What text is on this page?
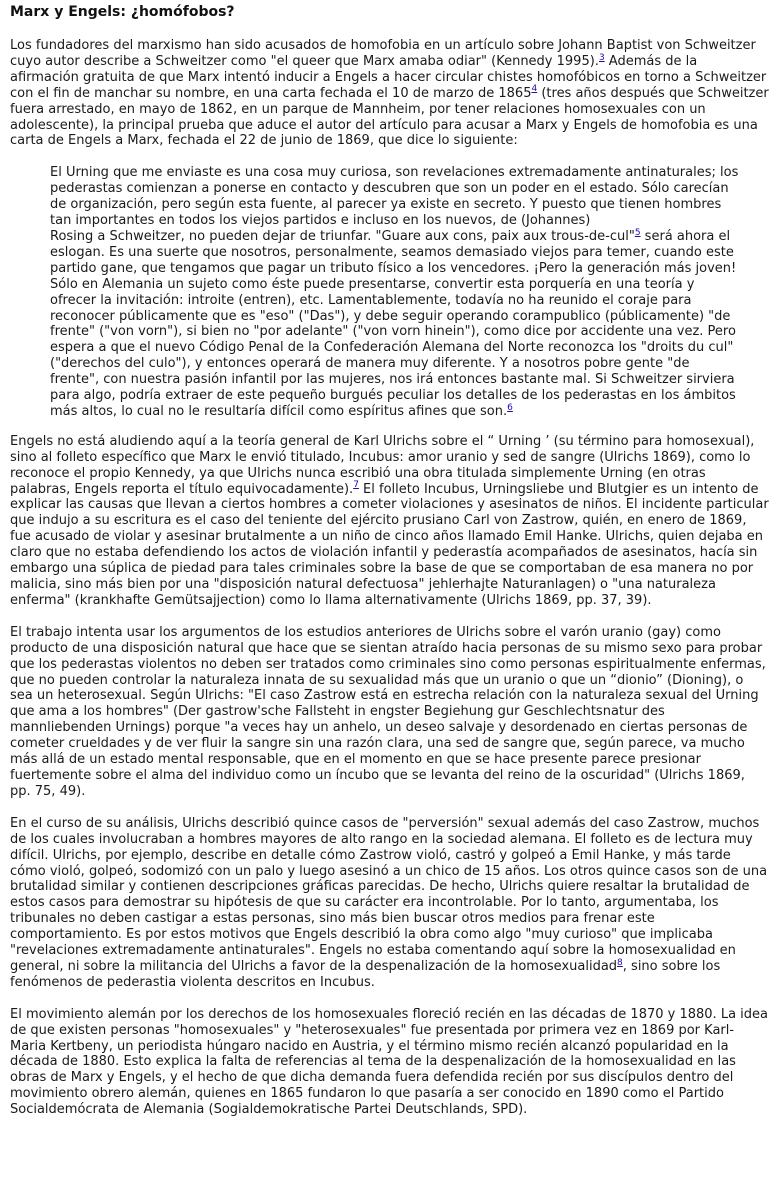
Marx y Engels: ¿homófobos?

Los fundadores del marxismo han sido acusados de homofobia en un artículo sobre Johann Baptist von Schweitzer cuyo autor describe a Schweitzer como "el queer que Marx amaba odiar" (Kennedy 1995).$^3$ Además de la afirmación gratuita de que Marx intentó inducir a Engels a hacer circular chistes homofóbicos en torno a Schweitzer con el fin de manchar su nombre, en una carta fechada el 10 de marzo de 1865$^4$ (tres años después que Schweitzer fuera arrestado, en mayo de 1862, en un parque de Mannheim, por tener relaciones homosexuales con un adolescente), la principal prueba que aduce el autor del artículo para acusar a Marx y Engels de homofobia es una carta de Engels a Marx, fechada el 22 de junio de 1869, que dice lo siguiente:

El Urning que me enviaste es una cosa muy curiosa, son revelaciones extremadamente antinaturales; los pederastas comienzan a ponerse en contacto y descubren que son un poder en el estado. Sólo carecían de organización, pero según esta fuente, al parecer ya existe en secreto. Y puesto que tienen hombres tan importantes en todos los viejos partidos e incluso en los nuevos, de (Johannes)

Rosing a Schweitzer, no pueden dejar de triunfar. "Guare aux cons, paix aux trous-de-cul"$^5$ será ahora el eslogan. Es una suerte que nosotros, personalmente, seamos demasiado viejos para temer, cuando este partido gane, que tengamos que pagar un tributo físico a los vencedores. ¡Pero la generación más joven! Sólo en Alemania un sujeto como éste puede presentarse, convertir esta porquería en una teoría y ofrecer la invitación: introite (entren), etc. Lamentablemente, todavía no ha reunido el coraje para reconocer públicamente que es "eso" ("Das"), y debe seguir operando corampublico (públicamente) "de frente" ("von vorn"), si bien no "por adelante" ("von vorn hinein"), como dice por accidente una vez. Pero espera a que el nuevo Código Penal de la Confederación Alemana del Norte reconozca los "droits du cul" ("derechos del culo"), y entonces operará de manera muy diferente. Y a nosotros pobre gente "de frente", con nuestra pasión infantil por las mujeres, nos irá entonces bastante mal. Si Schweitzer sirviera para algo, podría extraer de este pequeño burgués peculiar los detalles de los pederastas en los ámbitos más altos, lo cual no le resultaría difícil como espíritus afines que son.$^6$

Engels no está aludiendo aquí a la teoría general de Karl Ulrichs sobre el “ Urning ’ (su término para homosexual), sino al folleto específico que Marx le envió titulado, Incubus: amor uranio y sed de sangre (Ulrichs 1869), como lo reconoce el propio Kennedy, ya que Ulrichs nunca escribió una obra titulada simplemente Urning (en otras palabras, Engels reporta el título equivocadamente).$^7$ El folleto Incubus, Urningsliebe und Blutgier es un intento de explicar las causas que llevan a ciertos hombres a cometer violaciones y asesinatos de niños. El incidente particular que indujo a su escritura es el caso del teniente del ejército prusiano Carl von Zastrow, quién, en enero de 1869, fue acusado de violar y asesinar brutalmente a un niño de cinco años llamado Emil Hanke. Ulrichs, quien dejaba en claro que no estaba defendiendo los actos de violación infantil y pederastía acompañados de asesinatos, hacía sin embargo una súplica de piedad para tales criminales sobre la base de que se comportaban de esa manera no por malicia, sino más bien por una "disposición natural defectuosa" jehlerhajte Naturanlagen) o "una naturaleza enferma" (krankhafte Gemütsajjection) como lo llama alternativamente (Ulrichs 1869, pp. 37, 39).

El trabajo intenta usar los argumentos de los estudios anteriores de Ulrichs sobre el varón uranio (gay) como producto de una disposición natural que hace que se sientan atraído hacia personas de su mismo sexo para probar que los pederastas violentos no deben ser tratados como criminales sino como personas espiritualmente enfermas, que no pueden controlar la naturaleza innata de su sexualidad más que un uranio o que un “dionio” (Dioning), o sea un heterosexual. Según Ulrichs: "El caso Zastrow está en estrecha relación con la naturaleza sexual del Urning que ama a los hombres" (Der gastrow'sche Fallsteht in engster Begiehung gur Geschlechtsnatur des mannliebenden Urnings) porque "a veces hay un anhelo, un deseo salvaje y desordenado en ciertas personas de cometer crueldades y de ver fluir la sangre sin una razón clara, una sed de sangre que, según parece, va mucho más allá de un estado mental responsable, que en el momento en que se hace presente parece presionar fuertemente sobre el alma del individuo como un íncubo que se levanta del reino de la oscuridad" (Ulrichs 1869, pp. 75, 49).

En el curso de su análisis, Ulrichs describió quince casos de "perversión" sexual además del caso Zastrow, muchos de los cuales involucraban a hombres mayores de alto rango en la sociedad alemana. El folleto es de lectura muy difícil. Ulrichs, por ejemplo, describe en detalle cómo Zastrow violó, castró y golpeó a Emil Hanke, y más tarde cómo violó, golpeó, sodomizó con un palo y luego asesinó a un chico de 15 años. Los otros quince casos son de una brutalidad similar y contienen descripciones gráficas parecidas. De hecho, Ulrichs quiere resaltar la brutalidad de estos casos para demostrar su hipótesis de que su carácter era incontrolable. Por lo tanto, argumentaba, los tribunales no deben castigar a estas personas, sino más bien buscar otros medios para frenar este comportamiento. Es por estos motivos que Engels describió la obra como algo "muy curioso" que implicaba "revelaciones extremadamente antinaturales". Engels no estaba comentando aquí sobre la homosexualidad en general, ni sobre la militancia del Ulrichs a favor de la despenalización de la homosexualidad$^8$, sino sobre los fenómenos de pederastia violenta descritos en Incubus.

El movimiento alemán por los derechos de los homosexuales floreció recién en las décadas de 1870 y 1880. La idea de que existen personas "homosexuales" y "heterosexuales" fue presentada por primera vez en 1869 por Karl-Maria Kertbeny, un periodista húngaro nacido en Austria, y el término mismo recién alcanzó popularidad en la década de 1880. Esto explica la falta de referencias al tema de la despenalización de la homosexualidad en las obras de Marx y Engels, y el hecho de que dicha demanda fuera defendida recién por sus discípulos dentro del movimiento obrero alemán, quienes en 1865 fundaron lo que pasaría a ser conocido en 1890 como el Partido Socialdemócrata de Alemania (Sogialdemokratische Partei Deutschlands, SPD).
